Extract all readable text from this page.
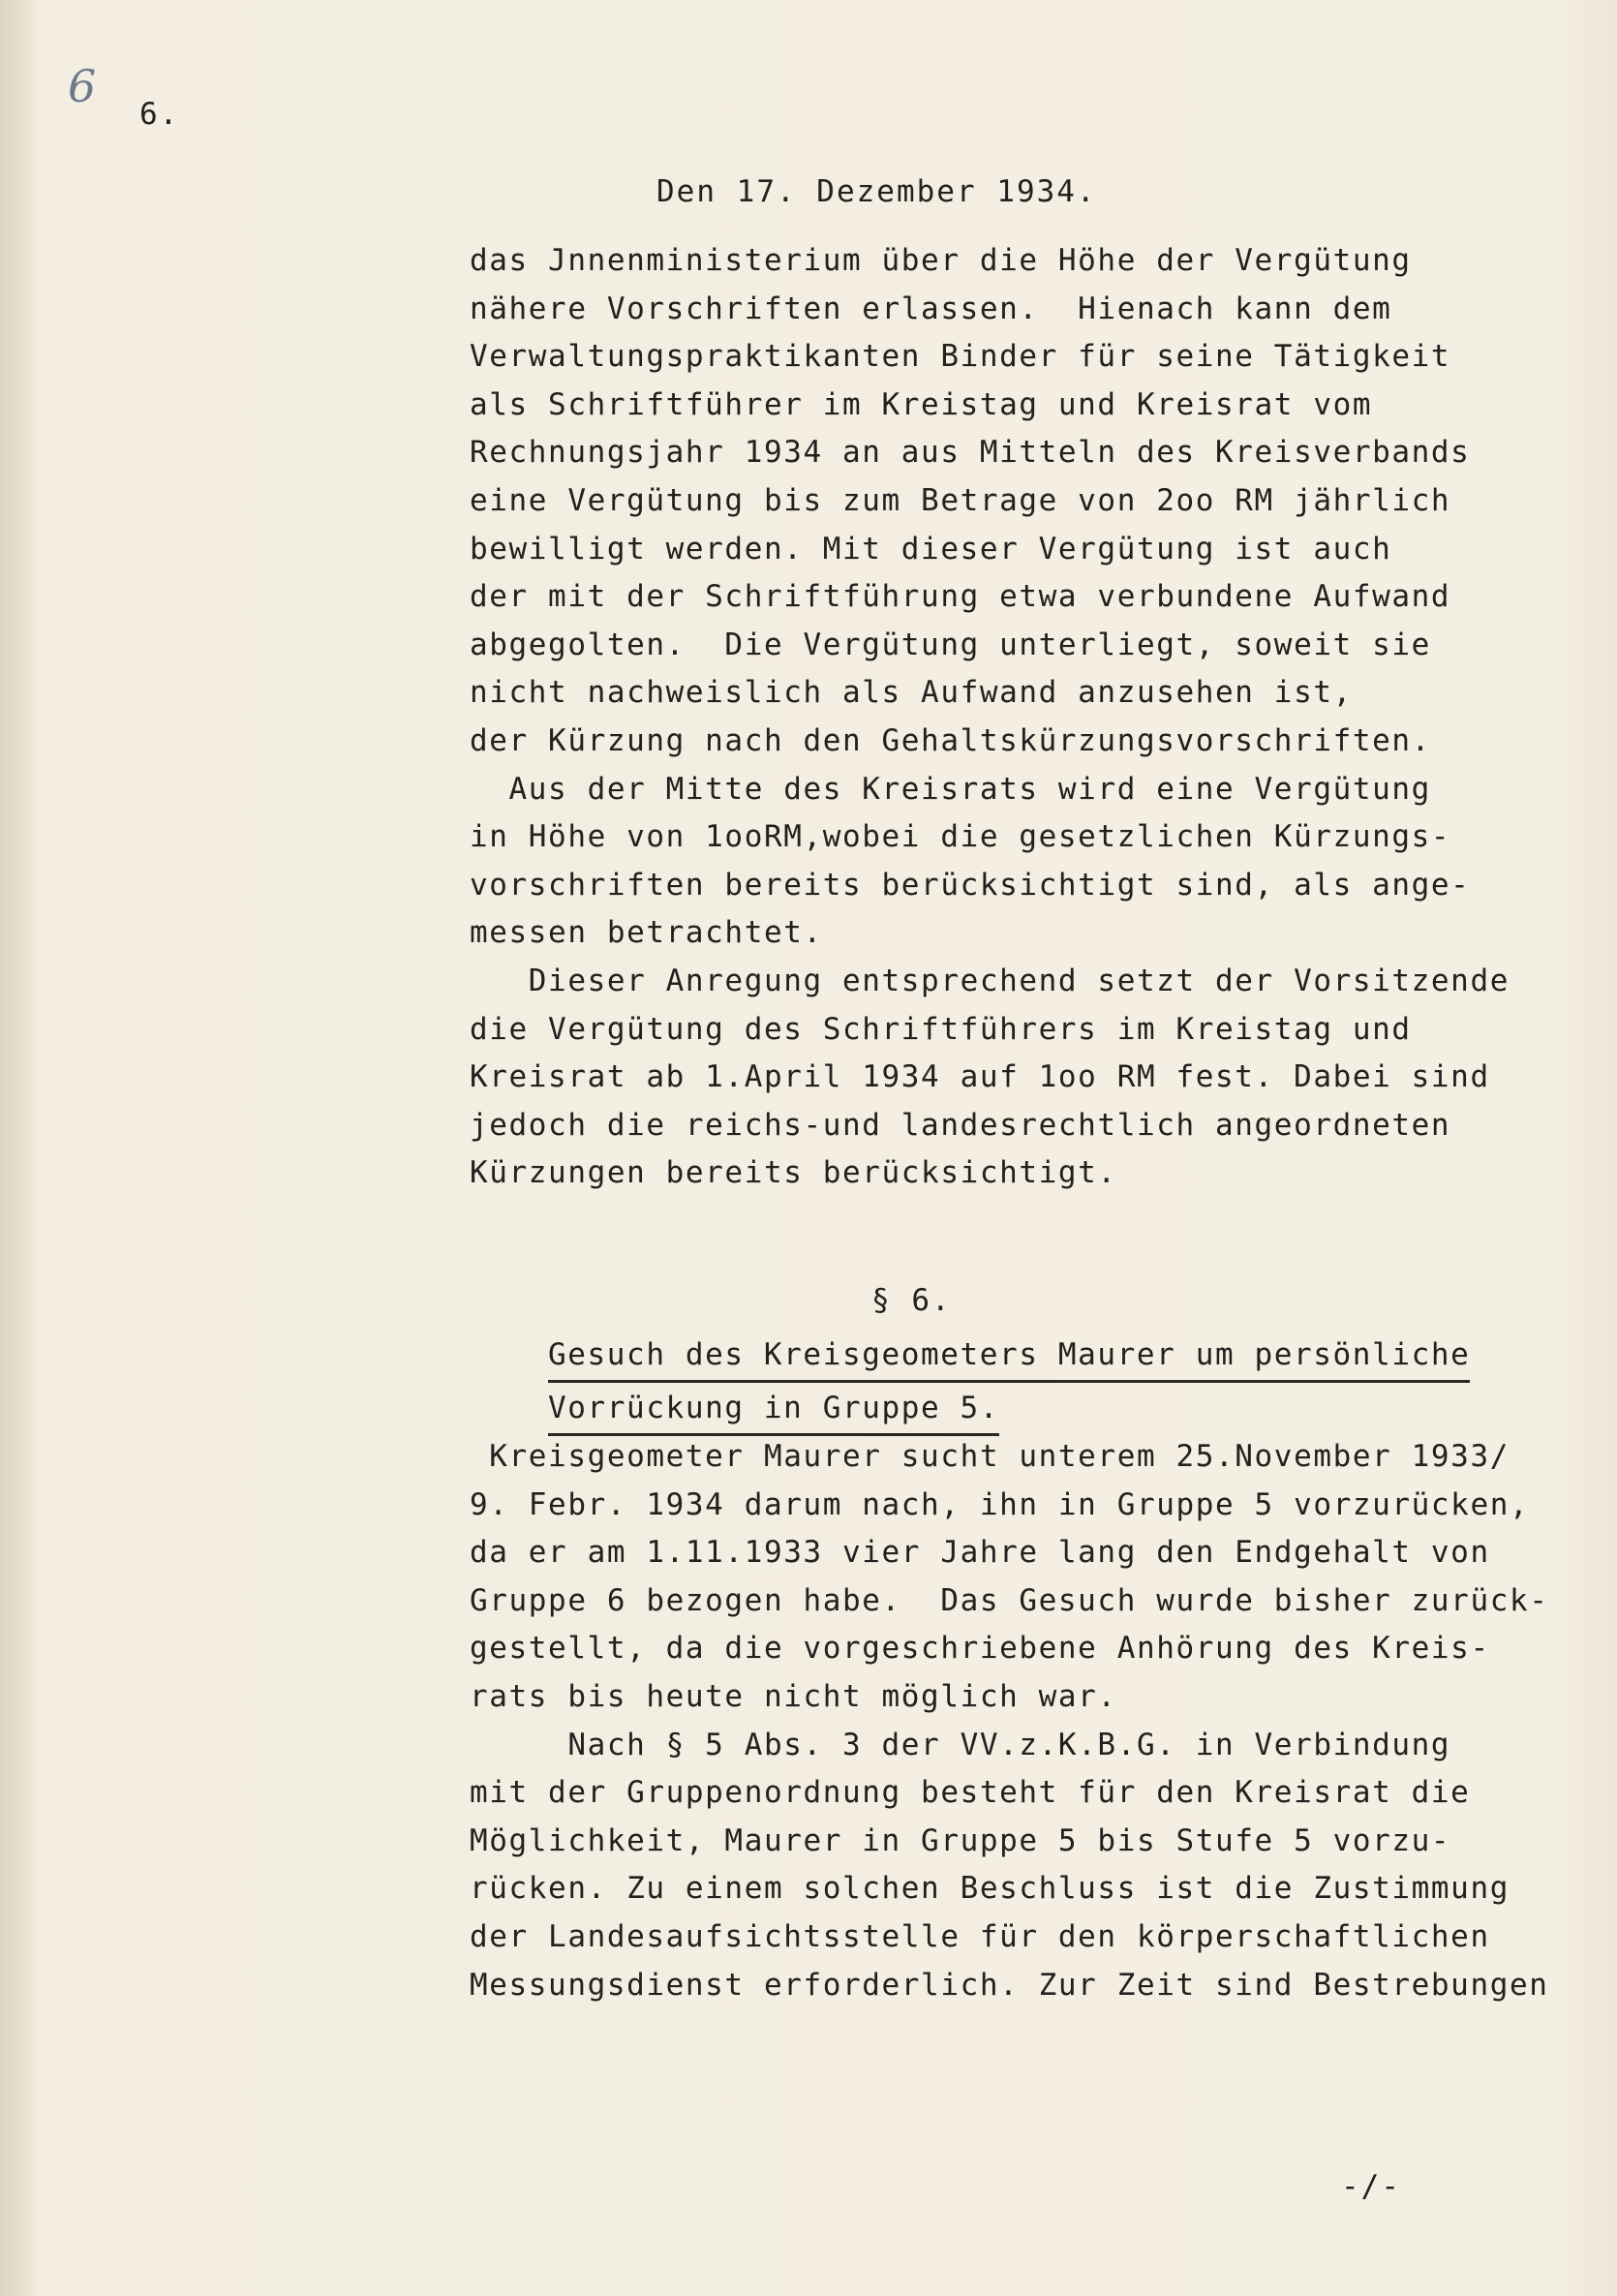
6
6.
Den 17. Dezember 1934.
das Jnnenministerium über die Höhe der Vergütung
nähere Vorschriften erlassen.  Hienach kann dem
Verwaltungspraktikanten Binder für seine Tätigkeit
als Schriftführer im Kreistag und Kreisrat vom
Rechnungsjahr 1934 an aus Mitteln des Kreisverbands
eine Vergütung bis zum Betrage von 2oo RM jährlich
bewilligt werden. Mit dieser Vergütung ist auch
der mit der Schriftführung etwa verbundene Aufwand
abgegolten.  Die Vergütung unterliegt, soweit sie
nicht nachweislich als Aufwand anzusehen ist,
der Kürzung nach den Gehaltskürzungsvorschriften.
Aus der Mitte des Kreisrats wird eine Vergütung
in Höhe von 1ooRM,wobei die gesetzlichen Kürzungs-
vorschriften bereits berücksichtigt sind, als ange-
messen betrachtet.
Dieser Anregung entsprechend setzt der Vorsitzende
die Vergütung des Schriftführers im Kreistag und
Kreisrat ab 1.April 1934 auf 1oo RM fest. Dabei sind
jedoch die reichs-und landesrechtlich angeordneten
Kürzungen bereits berücksichtigt.
§ 6.
Gesuch des Kreisgeometers Maurer um persönliche
Vorrückung in Gruppe 5.
Kreisgeometer Maurer sucht unterem 25.November 1933/
9. Febr. 1934 darum nach, ihn in Gruppe 5 vorzurücken,
da er am 1.11.1933 vier Jahre lang den Endgehalt von
Gruppe 6 bezogen habe.  Das Gesuch wurde bisher zurück-
gestellt, da die vorgeschriebene Anhörung des Kreis-
rats bis heute nicht möglich war.
Nach § 5 Abs. 3 der VV.z.K.B.G. in Verbindung
mit der Gruppenordnung besteht für den Kreisrat die
Möglichkeit, Maurer in Gruppe 5 bis Stufe 5 vorzu-
rücken. Zu einem solchen Beschluss ist die Zustimmung
der Landesaufsichtsstelle für den körperschaftlichen
Messungsdienst erforderlich. Zur Zeit sind Bestrebungen
-/-
